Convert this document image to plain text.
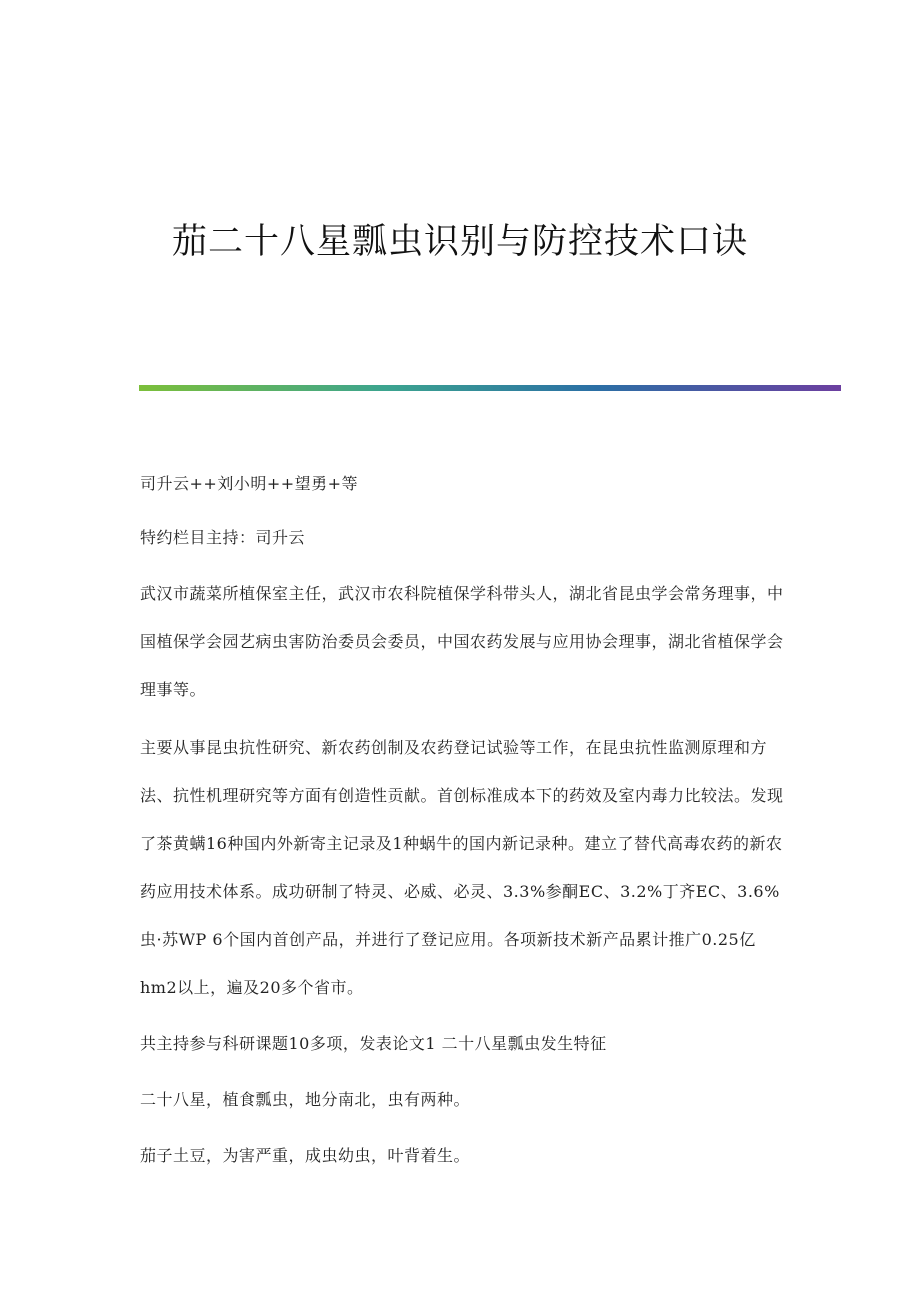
茄二十八星瓢虫识别与防控技术口诀

司升云++刘小明++望勇+等

特约栏目主持：司升云

武汉市蔬菜所植保室主任，武汉市农科院植保学科带头人，湖北省昆虫学会常务理事，中国植保学会园艺病虫害防治委员会委员，中国农药发展与应用协会理事，湖北省植保学会理事等。

主要从事昆虫抗性研究、新农药创制及农药登记试验等工作，在昆虫抗性监测原理和方法、抗性机理研究等方面有创造性贡献。首创标准成本下的药效及室内毒力比较法。发现了茶黄螨16种国内外新寄主记录及1种蜗牛的国内新记录种。建立了替代高毒农药的新农药应用技术体系。成功研制了特灵、必威、必灵、3.3%参酮EC、3.2%丁齐EC、3.6%虫·苏WP 6个国内首创产品，并进行了登记应用。各项新技术新产品累计推广0.25亿hm2以上，遍及20多个省市。

共主持参与科研课题10多项，发表论文1 二十八星瓢虫发生特征

二十八星，植食瓢虫，地分南北，虫有两种。

茄子土豆，为害严重，成虫幼虫，叶背着生。
